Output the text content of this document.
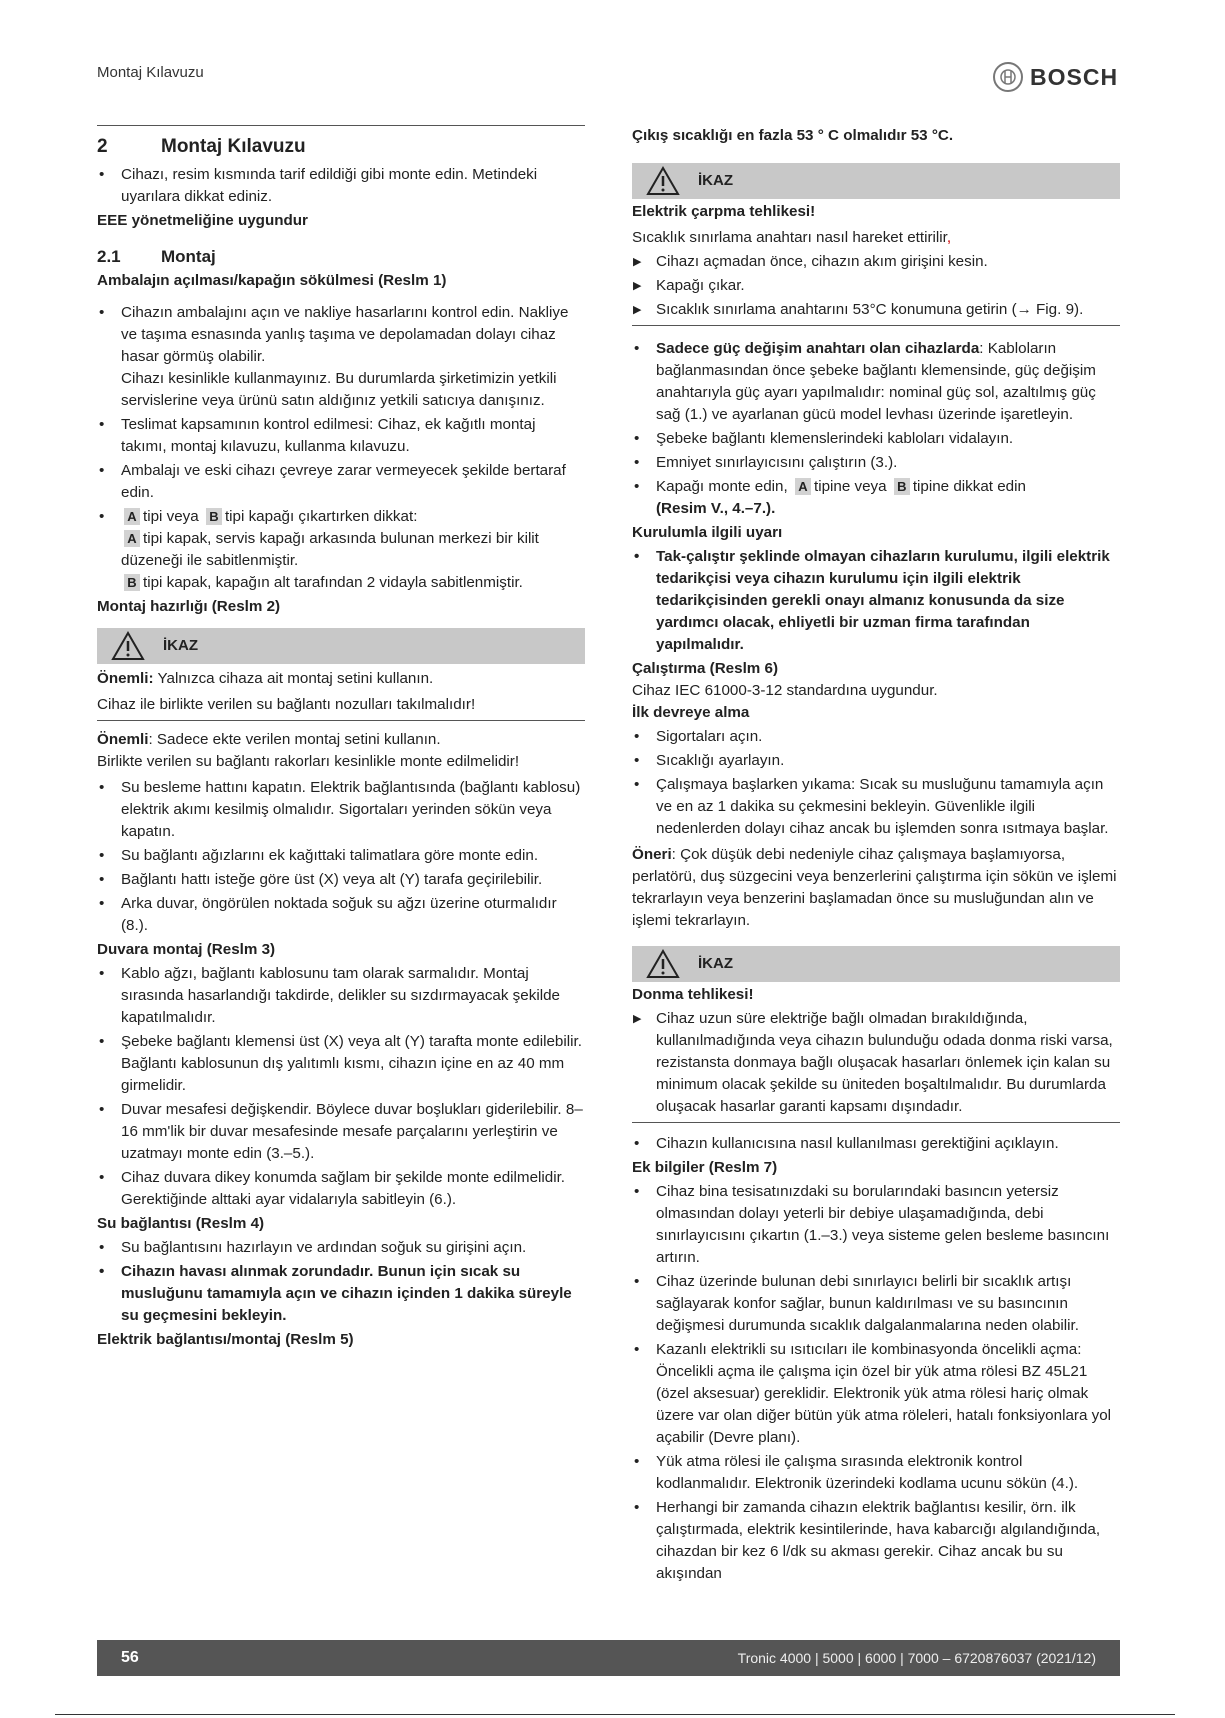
Montaj Kılavuzu	BOSCH
2	Montaj Kılavuzu
• Cihazı, resim kısmında tarif edildiği gibi monte edin. Metindeki uyarılara dikkat ediniz.

EEE yönetmeliğine uygundur

2.1	Montaj

Ambalajın açılması/kapağın sökülmesi (Reslm 1)

• Cihazın ambalajını açın ve nakliye hasarlarını kontrol edin. Nakliye ve taşıma esnasında yanlış taşıma ve depolamadan dolayı cihaz hasar görmüş olabilir.
Cihazı kesinlikle kullanmayınız. Bu durumlarda şirketimizin yetkili servislerine veya ürünü satın aldığınız yetkili satıcıya danışınız.
• Teslimat kapsamının kontrol edilmesi: Cihaz, ek kağıtlı montaj takımı, montaj kılavuzu, kullanma kılavuzu.
• Ambalajı ve eski cihazı çevreye zarar vermeyecek şekilde bertaraf edin.
• A tipi veya B tipi kapağı çıkartırken dikkat:
A tipi kapak, servis kapağı arkasında bulunan merkezi bir kilit düzeneği ile sabitlenmiştir.
B tipi kapak, kapağın alt tarafından 2 vidayla sabitlenmiştir.

Montaj hazırlığı (Reslm 2)

İKAZ

Önemli: Yalnızca cihaza ait montaj setini kullanın.

Cihaz ile birlikte verilen su bağlantı nozulları takılmalıdır!

Önemli: Sadece ekte verilen montaj setini kullanın.

Birlikte verilen su bağlantı rakorları kesinlikle monte edilmelidir!

• Su besleme hattını kapatın. Elektrik bağlantısında (bağlantı kablosu) elektrik akımı kesilmiş olmalıdır. Sigortaları yerinden sökün veya kapatın.
• Su bağlantı ağızlarını ek kağıttaki talimatlara göre monte edin.
• Bağlantı hattı isteğe göre üst (X) veya alt (Y) tarafa geçirilebilir.
• Arka duvar, öngörülen noktada soğuk su ağzı üzerine oturmalıdır (8.).

Duvara montaj (Reslm 3)

• Kablo ağzı, bağlantı kablosunu tam olarak sarmalıdır. Montaj sırasında hasarlandığı takdirde, delikler su sızdırmayacak şekilde kapatılmalıdır.
• Şebeke bağlantı klemensi üst (X) veya alt (Y) tarafta monte edilebilir. Bağlantı kablosunun dış yalıtımlı kısmı, cihazın içine en az 40 mm girmelidir.
• Duvar mesafesi değişkendir. Böylece duvar boşlukları giderilebilir. 8–16 mm'lik bir duvar mesafesinde mesafe parçalarını yerleştirin ve uzatmayı monte edin (3.–5.).
• Cihaz duvara dikey konumda sağlam bir şekilde monte edilmelidir. Gerektiğinde alttaki ayar vidalarıyla sabitleyin (6.).

Su bağlantısı (Reslm 4)

• Su bağlantısını hazırlayın ve ardından soğuk su girişini açın.
• Cihazın havası alınmak zorundadır. Bunun için sıcak su musluğunu tamamıyla açın ve cihazın içinden 1 dakika süreyle su geçmesini bekleyin.

Elektrik bağlantısı/montaj (Reslm 5)

Çıkış sıcaklığı en fazla 53 ° C olmalıdır 53 °C.

İKAZ

Elektrik çarpma tehlikesi!

Sıcaklık sınırlama anahtarı nasıl hareket ettirilir,

▶ Cihazı açmadan önce, cihazın akım girişini kesin.
▶ Kapağı çıkar.
▶ Sıcaklık sınırlama anahtarını 53°C konumuna getirin (→ Fig. 9).
• Sadece güç değişim anahtarı olan cihazlarda: Kabloların bağlanmasından önce şebeke bağlantı klemensinde, güç değişim anahtarıyla güç ayarı yapılmalıdır: nominal güç sol, azaltılmış güç sağ (1.) ve ayarlanan gücü model levhası üzerinde işaretleyin.
• Şebeke bağlantı klemenslerindeki kabloları vidalayın.
• Emniyet sınırlayıcısını çalıştırın (3.).
• Kapağı monte edin, A tipine veya B tipine dikkat edin
(Resim V., 4.–7.).

Kurulumla ilgili uyarı

• Tak-çalıştır şeklinde olmayan cihazların kurulumu, ilgili elektrik tedarikçisi veya cihazın kurulumu için ilgili elektrik tedarikçisinden gerekli onayı almanız konusunda da size yardımcı olacak, ehliyetli bir uzman firma tarafından yapılmalıdır.

Çalıştırma (Reslm 6)

Cihaz IEC 61000-3-12 standardına uygundur.

İlk devreye alma

• Sigortaları açın.
• Sıcaklığı ayarlayın.
• Çalışmaya başlarken yıkama: Sıcak su musluğunu tamamıyla açın ve en az 1 dakika su çekmesini bekleyin. Güvenlikle ilgili nedenlerden dolayı cihaz ancak bu işlemden sonra ısıtmaya başlar.

Öneri: Çok düşük debi nedeniyle cihaz çalışmaya başlamıyorsa, perlatörü, duş süzgecini veya benzerlerini çalıştırma için sökün ve işlemi tekrarlayın veya benzerini başlamadan önce su musluğundan alın ve işlemi tekrarlayın.

İKAZ

Donma tehlikesi!

▶ Cihaz uzun süre elektriğe bağlı olmadan bırakıldığında, kullanılmadığında veya cihazın bulunduğu odada donma riski varsa, rezistansta donmaya bağlı oluşacak hasarları önlemek için kalan su minimum olacak şekilde su üniteden boşaltılmalıdır. Bu durumlarda oluşacak hasarlar garanti kapsamı dışındadır.
• Cihazın kullanıcısına nasıl kullanılması gerektiğini açıklayın.

Ek bilgiler (Reslm 7)

• Cihaz bina tesisatınızdaki su borularındaki basıncın yetersiz olmasından dolayı yeterli bir debiye ulaşamadığında, debi sınırlayıcısını çıkartın (1.–3.) veya sisteme gelen besleme basıncını artırın.
• Cihaz üzerinde bulunan debi sınırlayıcı belirli bir sıcaklık artışı sağlayarak konfor sağlar, bunun kaldırılması ve su basıncının değişmesi durumunda sıcaklık dalgalanmalarına neden olabilir.
• Kazanlı elektrikli su ısıtıcıları ile kombinasyonda öncelikli açma: Öncelikli açma ile çalışma için özel bir yük atma rölesi BZ 45L21 (özel aksesuar) gereklidir. Elektronik yük atma rölesi hariç olmak üzere var olan diğer bütün yük atma röleleri, hatalı fonksiyonlara yol açabilir (Devre planı).
• Yük atma rölesi ile çalışma sırasında elektronik kontrol kodlanmalıdır. Elektronik üzerindeki kodlama ucunu sökün (4.).
• Herhangi bir zamanda cihazın elektrik bağlantısı kesilir, örn. ilk çalıştırmada, elektrik kesintilerinde, hava kabarcığı algılandığında, cihazdan bir kez 6 l/dk su akması gerekir. Cihaz ancak bu su akışından
56	Tronic 4000 | 5000 | 6000 | 7000 – 6720876037 (2021/12)
